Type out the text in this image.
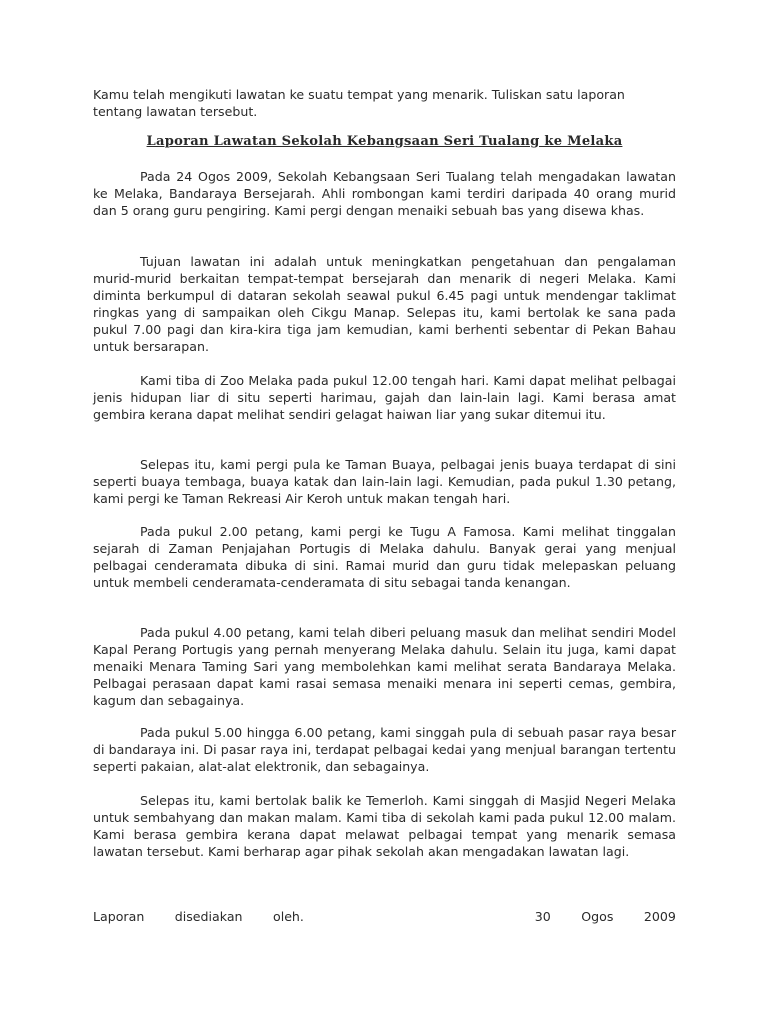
Kamu telah mengikuti lawatan ke suatu tempat yang menarik. Tuliskan satu laporan tentang lawatan tersebut.

Laporan Lawatan Sekolah Kebangsaan Seri Tualang ke Melaka

Pada 24 Ogos 2009, Sekolah Kebangsaan Seri Tualang telah mengadakan lawatan ke Melaka, Bandaraya Bersejarah. Ahli rombongan kami terdiri daripada 40 orang murid dan 5 orang guru pengiring. Kami pergi dengan menaiki sebuah bas yang disewa khas.

Tujuan lawatan ini adalah untuk meningkatkan pengetahuan dan pengalaman murid-murid berkaitan tempat-tempat bersejarah dan menarik di negeri Melaka. Kami diminta berkumpul di dataran sekolah seawal pukul 6.45 pagi untuk mendengar taklimat ringkas yang di sampaikan oleh Cikgu Manap. Selepas itu, kami bertolak ke sana pada pukul 7.00 pagi dan kira-kira tiga jam kemudian, kami berhenti sebentar di Pekan Bahau untuk bersarapan.

Kami tiba di Zoo Melaka pada pukul 12.00 tengah hari. Kami dapat melihat pelbagai jenis hidupan liar di situ seperti harimau, gajah dan lain-lain lagi. Kami berasa amat gembira kerana dapat melihat sendiri gelagat haiwan liar yang sukar ditemui itu.

Selepas itu, kami pergi pula ke Taman Buaya, pelbagai jenis buaya terdapat di sini seperti buaya tembaga, buaya katak dan lain-lain lagi. Kemudian, pada pukul 1.30 petang, kami pergi ke Taman Rekreasi Air Keroh untuk makan tengah hari.

Pada pukul 2.00 petang, kami pergi ke Tugu A Famosa. Kami melihat tinggalan sejarah di Zaman Penjajahan Portugis di Melaka dahulu. Banyak gerai yang menjual pelbagai cenderamata dibuka di sini. Ramai murid dan guru tidak melepaskan peluang untuk membeli cenderamata-cenderamata di situ sebagai tanda kenangan.

Pada pukul 4.00 petang, kami telah diberi peluang masuk dan melihat sendiri Model Kapal Perang Portugis yang pernah menyerang Melaka dahulu. Selain itu juga, kami dapat menaiki Menara Taming Sari yang membolehkan kami melihat serata Bandaraya Melaka. Pelbagai perasaan dapat kami rasai semasa menaiki menara ini seperti cemas, gembira, kagum dan sebagainya.

Pada pukul 5.00 hingga 6.00 petang, kami singgah pula di sebuah pasar raya besar di bandaraya ini. Di pasar raya ini, terdapat pelbagai kedai yang menjual barangan tertentu seperti pakaian, alat-alat elektronik, dan sebagainya.

Selepas itu, kami bertolak balik ke Temerloh. Kami singgah di Masjid Negeri Melaka untuk sembahyang dan makan malam. Kami tiba di sekolah kami pada pukul 12.00 malam. Kami berasa gembira kerana dapat melawat pelbagai tempat yang menarik semasa lawatan tersebut. Kami berharap agar pihak sekolah akan mengadakan lawatan lagi.

Laporan disediakan oleh.	30 Ogos 2009
